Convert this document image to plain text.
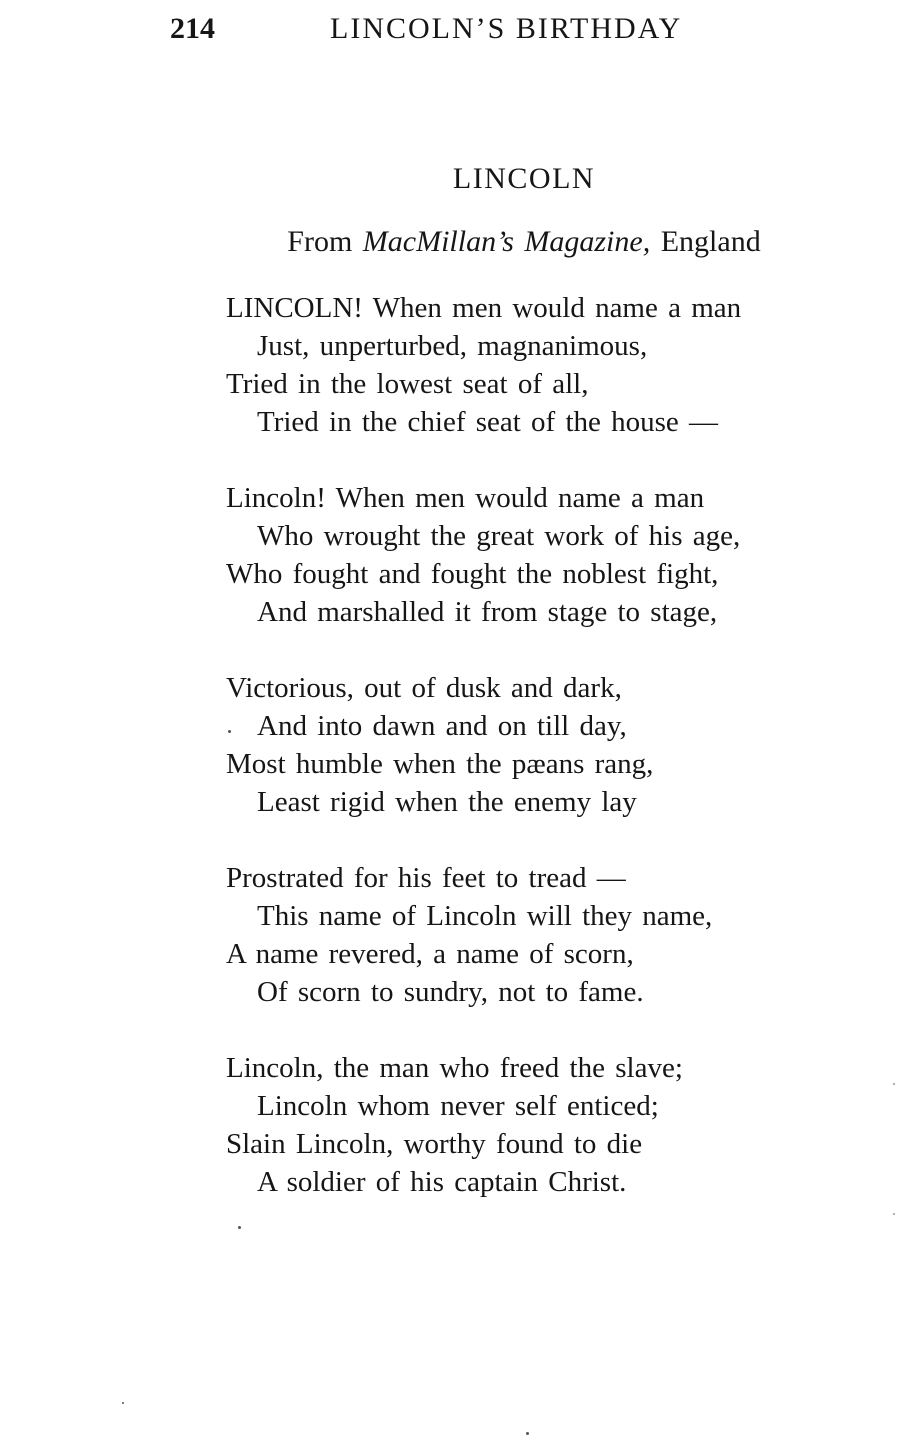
214	LINCOLN’S BIRTHDAY
LINCOLN
From MacMillan’s Magazine, England
LINCOLN! When men would name a man
Just, unperturbed, magnanimous,
Tried in the lowest seat of all,
Tried in the chief seat of the house —
Lincoln! When men would name a man
Who wrought the great work of his age,
Who fought and fought the noblest fight,
And marshalled it from stage to stage,
Victorious, out of dusk and dark,
And into dawn and on till day,
Most humble when the pæans rang,
Least rigid when the enemy lay
Prostrated for his feet to tread —
This name of Lincoln will they name,
A name revered, a name of scorn,
Of scorn to sundry, not to fame.
Lincoln, the man who freed the slave;
Lincoln whom never self enticed;
Slain Lincoln, worthy found to die
A soldier of his captain Christ.
